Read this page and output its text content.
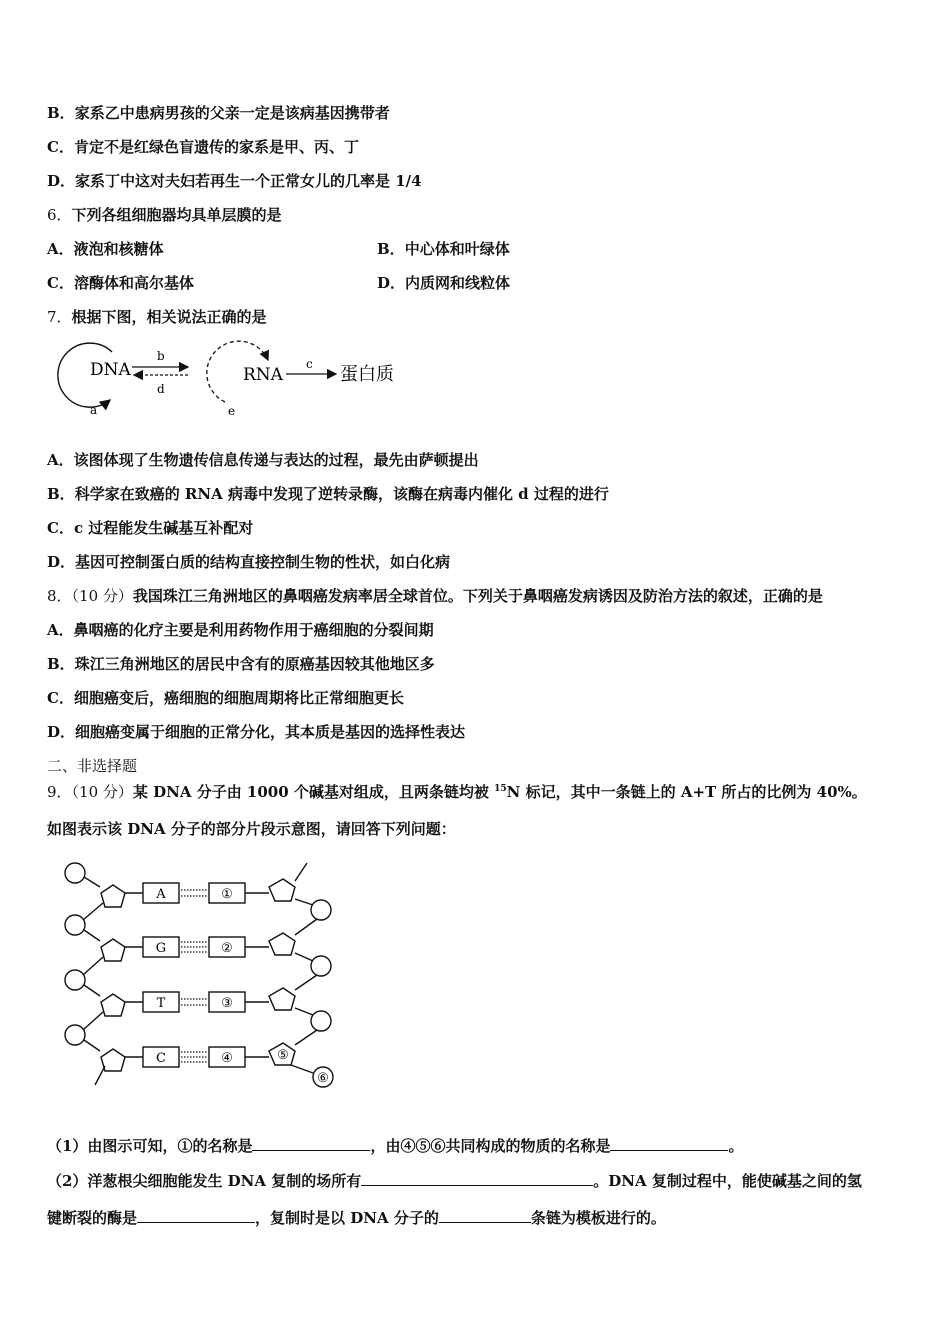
B．家系乙中患病男孩的父亲一定是该病基因携带者
C．肯定不是红绿色盲遗传的家系是甲、丙、丁
D．家系丁中这对夫妇若再生一个正常女儿的几率是 1/4
6．下列各组细胞器均具单层膜的是
A．液泡和核糖体	B．中心体和叶绿体
C．溶酶体和高尔基体	D．内质网和线粒体
7．根据下图，相关说法正确的是
DNA
a
b
d
RNA
e
c 蛋白质
A．该图体现了生物遗传信息传递与表达的过程，最先由萨顿提出
B．科学家在致癌的 RNA 病毒中发现了逆转录酶，该酶在病毒内催化 d 过程的进行
C．c 过程能发生碱基互补配对
D．基因可控制蛋白质的结构直接控制生物的性状，如白化病
8．（10 分）我国珠江三角洲地区的鼻咽癌发病率居全球首位。下列关于鼻咽癌发病诱因及防治方法的叙述，正确的是
A．鼻咽癌的化疗主要是利用药物作用于癌细胞的分裂间期
B．珠江三角洲地区的居民中含有的原癌基因较其他地区多
C．细胞癌变后，癌细胞的细胞周期将比正常细胞更长
D．细胞癌变属于细胞的正常分化，其本质是基因的选择性表达
二、非选择题
9．（10 分）某 DNA 分子由 1000 个碱基对组成，且两条链均被 $^{15}$N 标记，其中一条链上的 A+T 所占的比例为 40%。
如图表示该 DNA 分子的部分片段示意图，请回答下列问题：
A
G
T
C
①
②
③
④	⑤
⑥
（1）由图示可知，①的名称是	，由④⑤⑥共同构成的物质的名称是	。
（2）洋葱根尖细胞能发生 DNA 复制的场所有	。DNA 复制过程中，能使碱基之间的氢
键断裂的酶是	，复制时是以 DNA 分子的	条链为模板进行的。
